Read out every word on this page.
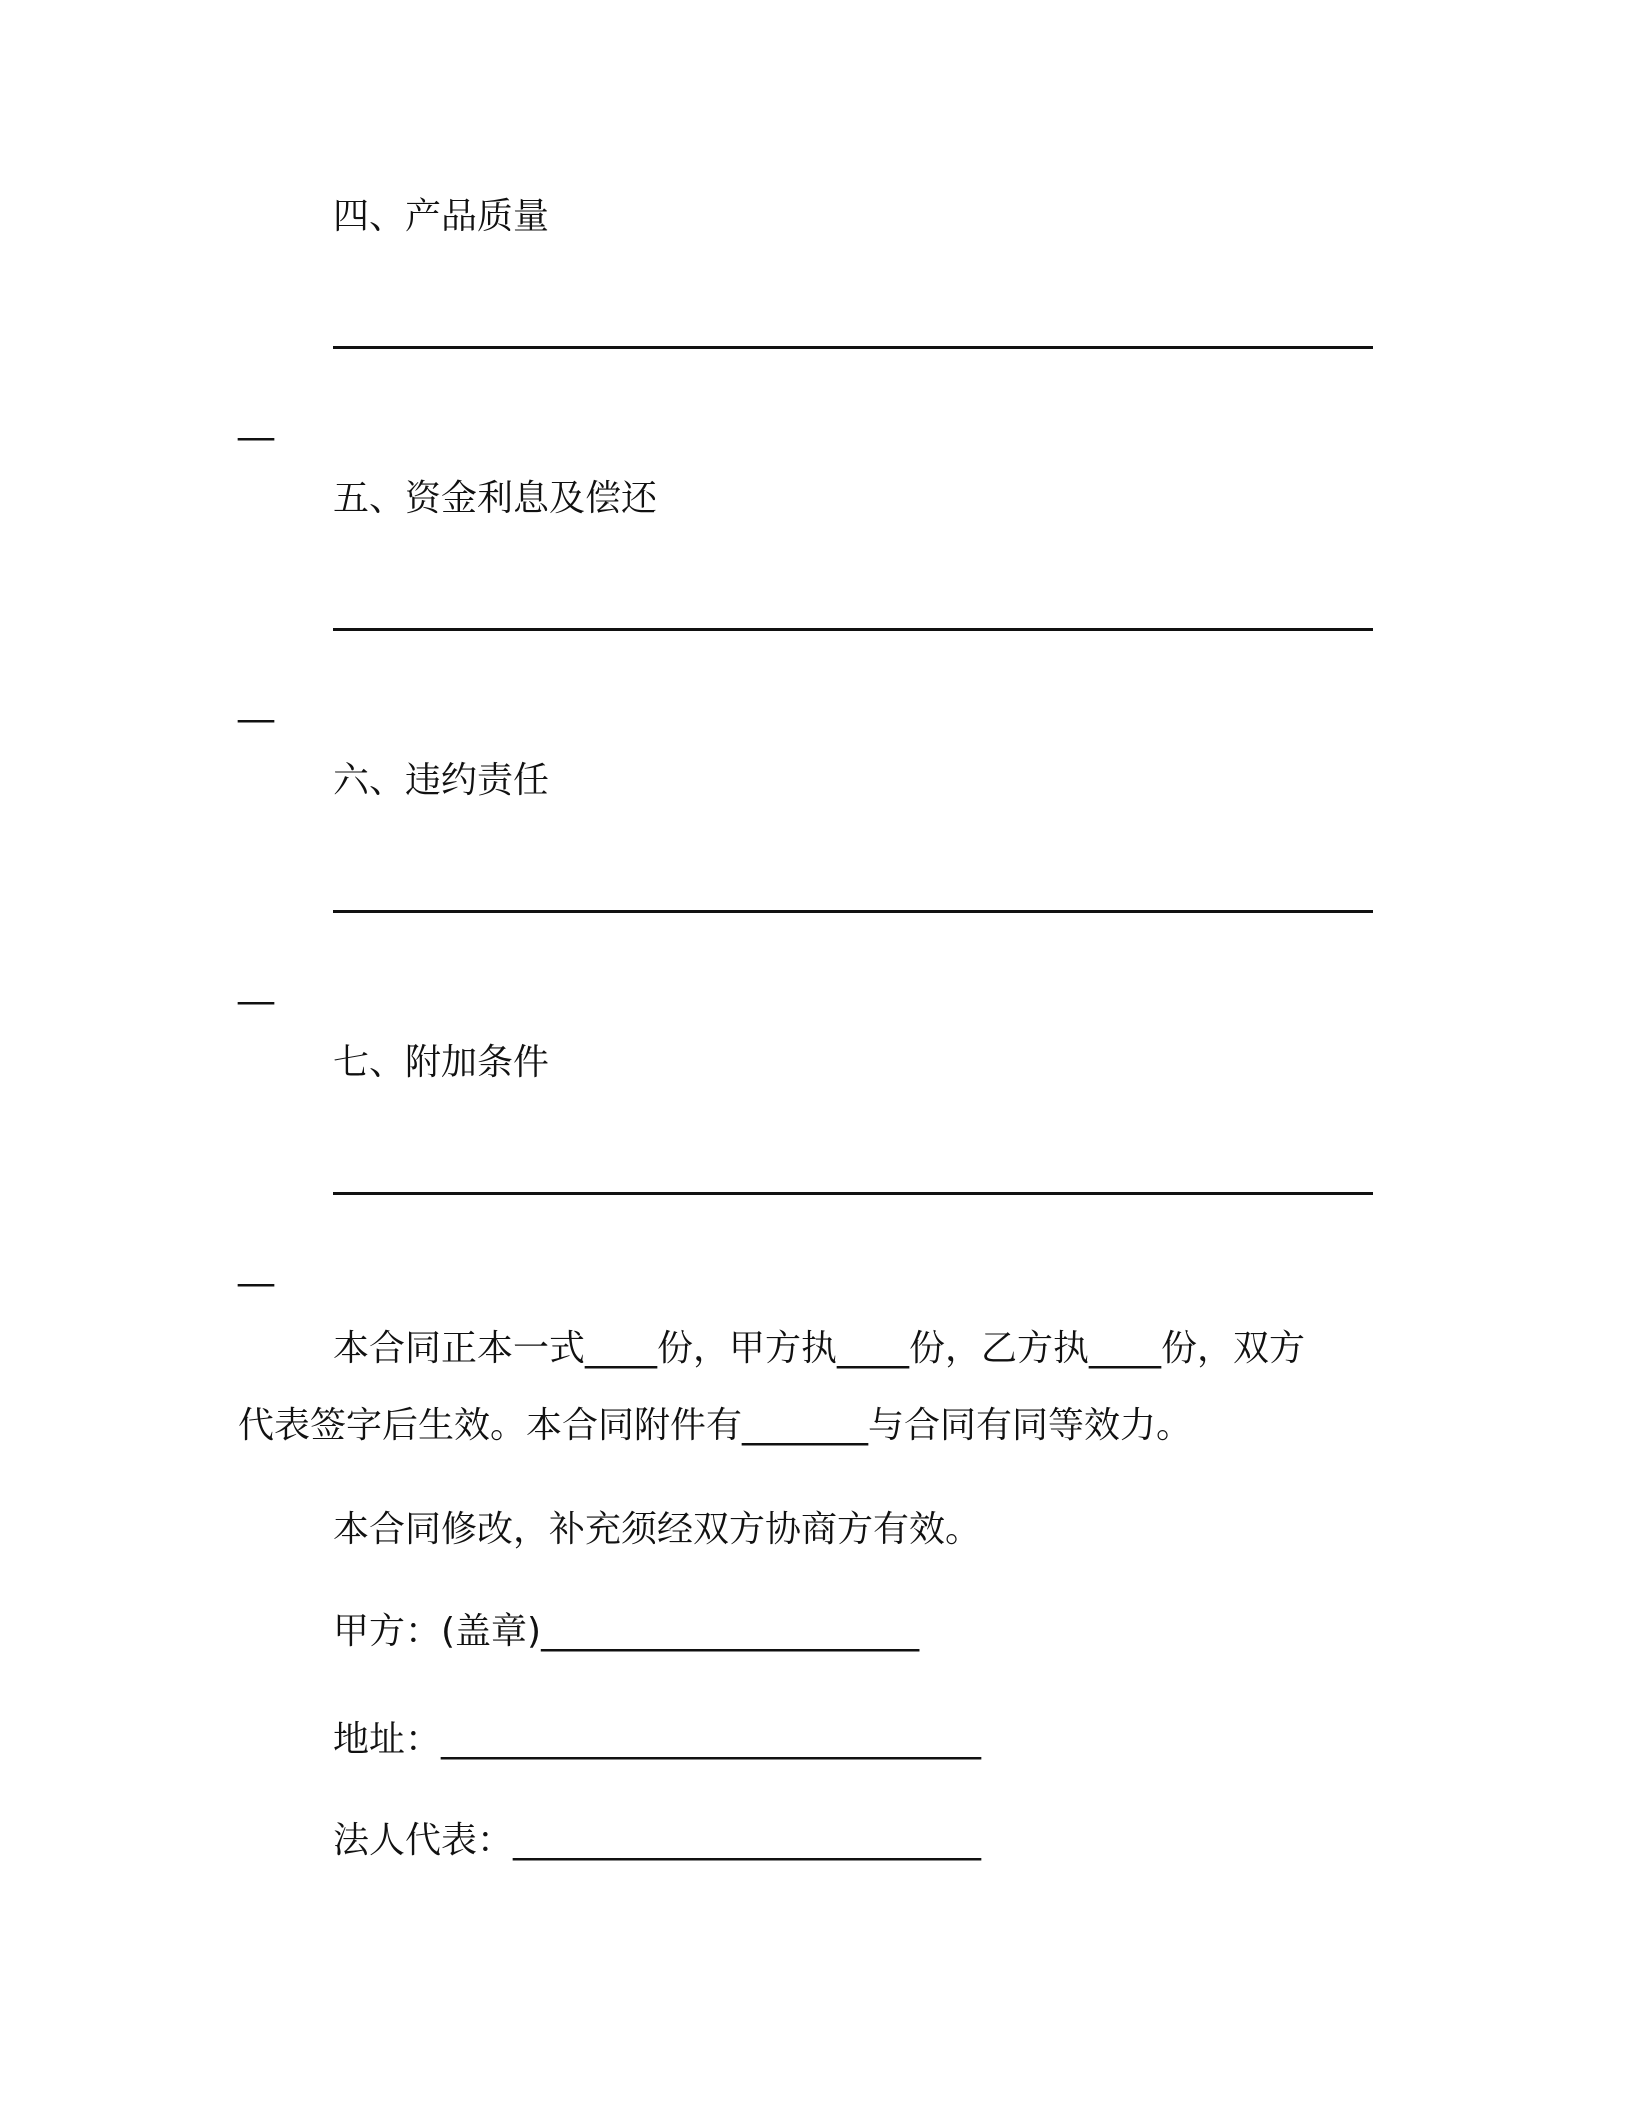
四、产品质量
__
五、资金利息及偿还
__
六、违约责任
__
七、附加条件
__
本合同正本一式____份，甲方执____份，乙方执____份，双方
代表签字后生效。本合同附件有_______与合同有同等效力。
本合同修改，补充须经双方协商方有效。
甲方：(盖章)_____________________
地址：______________________________
法人代表：__________________________
